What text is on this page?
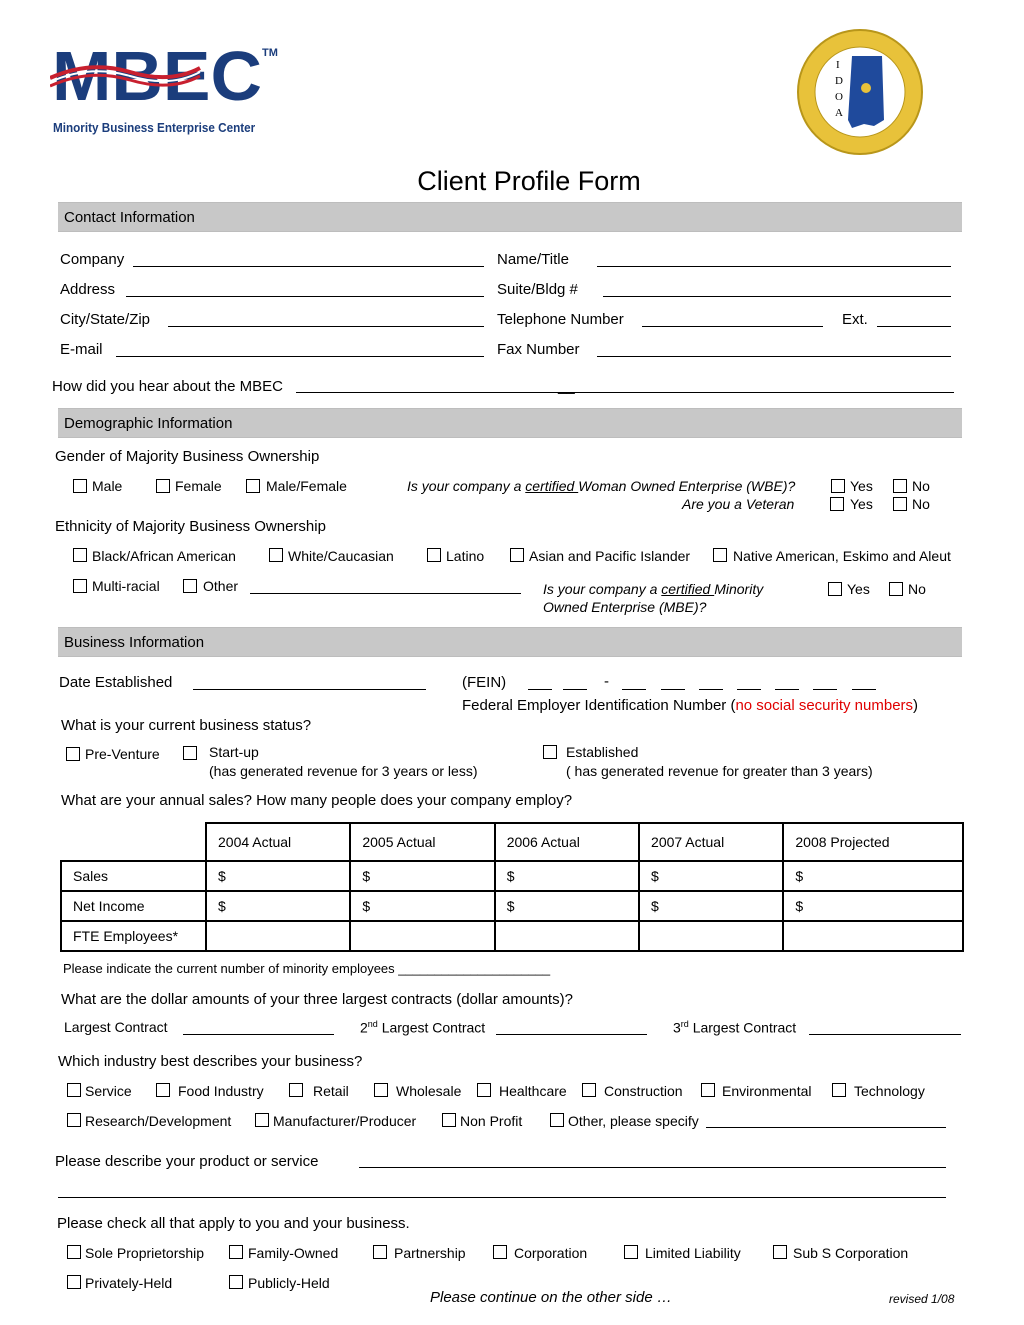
MBEC TM
Minority Business Enterprise Center
I
D
O
A
Client Profile Form
Contact Information
Company	Name/Title
Address	Suite/Bldg #
City/State/Zip	Telephone Number	Ext.
E-mail	Fax Number
How did you hear about the MBEC	__
Demographic Information
Gender of Majority Business Ownership
Male	Female	Male/Female	Is your company a certified Woman Owned Enterprise (WBE)?	Yes	No
Are you a Veteran	Yes	No
Ethnicity of Majority Business Ownership
Black/African American	White/Caucasian	Latino	Asian and Pacific Islander	Native American, Eskimo and Aleut
Multi-racial	Other	Is your company a certified Minority
Owned Enterprise (MBE)?
Yes	No
Business Information
Date Established	(FEIN)	-
Federal Employer Identification Number (no social security numbers)
What is your current business status?
Pre-Venture	Start-up
(has generated revenue for 3 years or less)
Established
( has generated revenue for greater than 3 years)
What are your annual sales? How many people does your company employ?
	2004 Actual	2005 Actual	2006 Actual	2007 Actual	2008 Projected
Sales	$	$	$	$	$
Net Income	$	$	$	$	$
FTE Employees*					
Please indicate the current number of minority employees _____________________
What are the dollar amounts of your three largest contracts (dollar amounts)?
Largest Contract	2nd Largest Contract	3rd Largest Contract
Which industry best describes your business?
Service	Food Industry	Retail	Wholesale	Healthcare	Construction	Environmental	Technology
Research/Development	Manufacturer/Producer	Non Profit	Other, please specify
Please describe your product or service
Please check all that apply to you and your business.
Sole Proprietorship	Family-Owned	Partnership	Corporation	Limited Liability	Sub S Corporation
Privately-Held	Publicly-Held
Please continue on the other side …	revised 1/08
